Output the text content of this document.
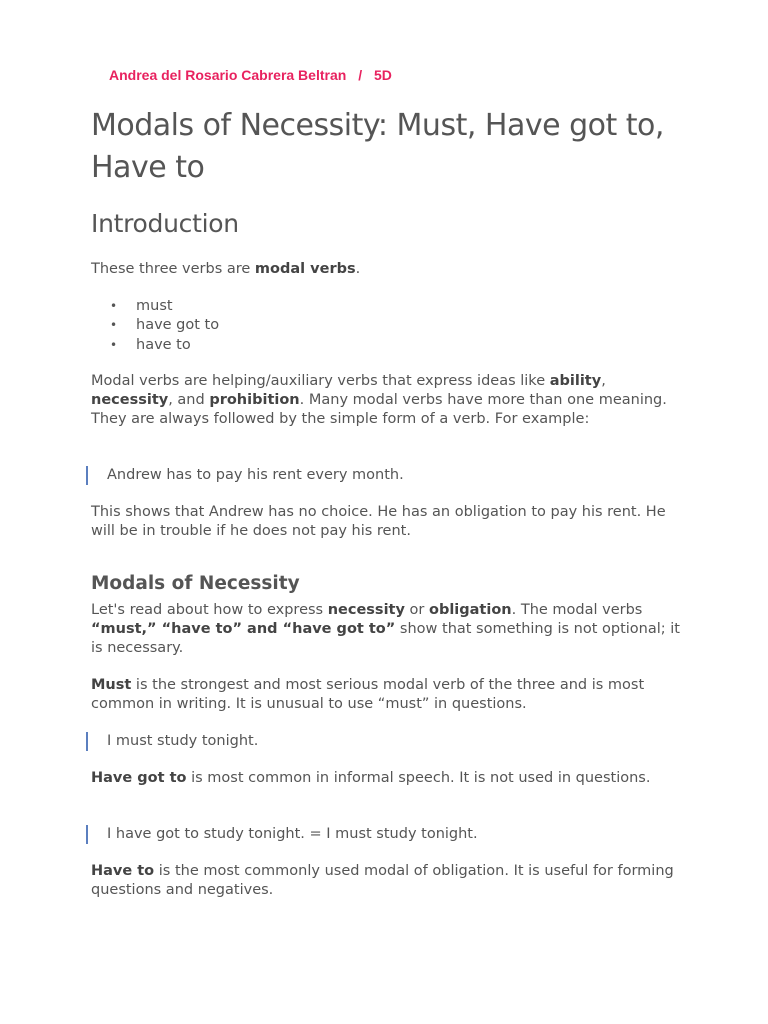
Andrea del Rosario Cabrera Beltran / 5D
Modals of Necessity: Must, Have got to, Have to
Introduction

These three verbs are modal verbs.

• must
• have got to
• have to

Modal verbs are helping/auxiliary verbs that express ideas like ability, necessity, and prohibition. Many modal verbs have more than one meaning. They are always followed by the simple form of a verb. For example:

Andrew has to pay his rent every month.

This shows that Andrew has no choice. He has an obligation to pay his rent. He will be in trouble if he does not pay his rent.

Modals of Necessity

Let's read about how to express necessity or obligation. The modal verbs “must,” “have to” and “have got to” show that something is not optional; it is necessary.

Must is the strongest and most serious modal verb of the three and is most common in writing. It is unusual to use “must” in questions.

I must study tonight.

Have got to is most common in informal speech. It is not used in questions.

I have got to study tonight. = I must study tonight.

Have to is the most commonly used modal of obligation. It is useful for forming questions and negatives.
